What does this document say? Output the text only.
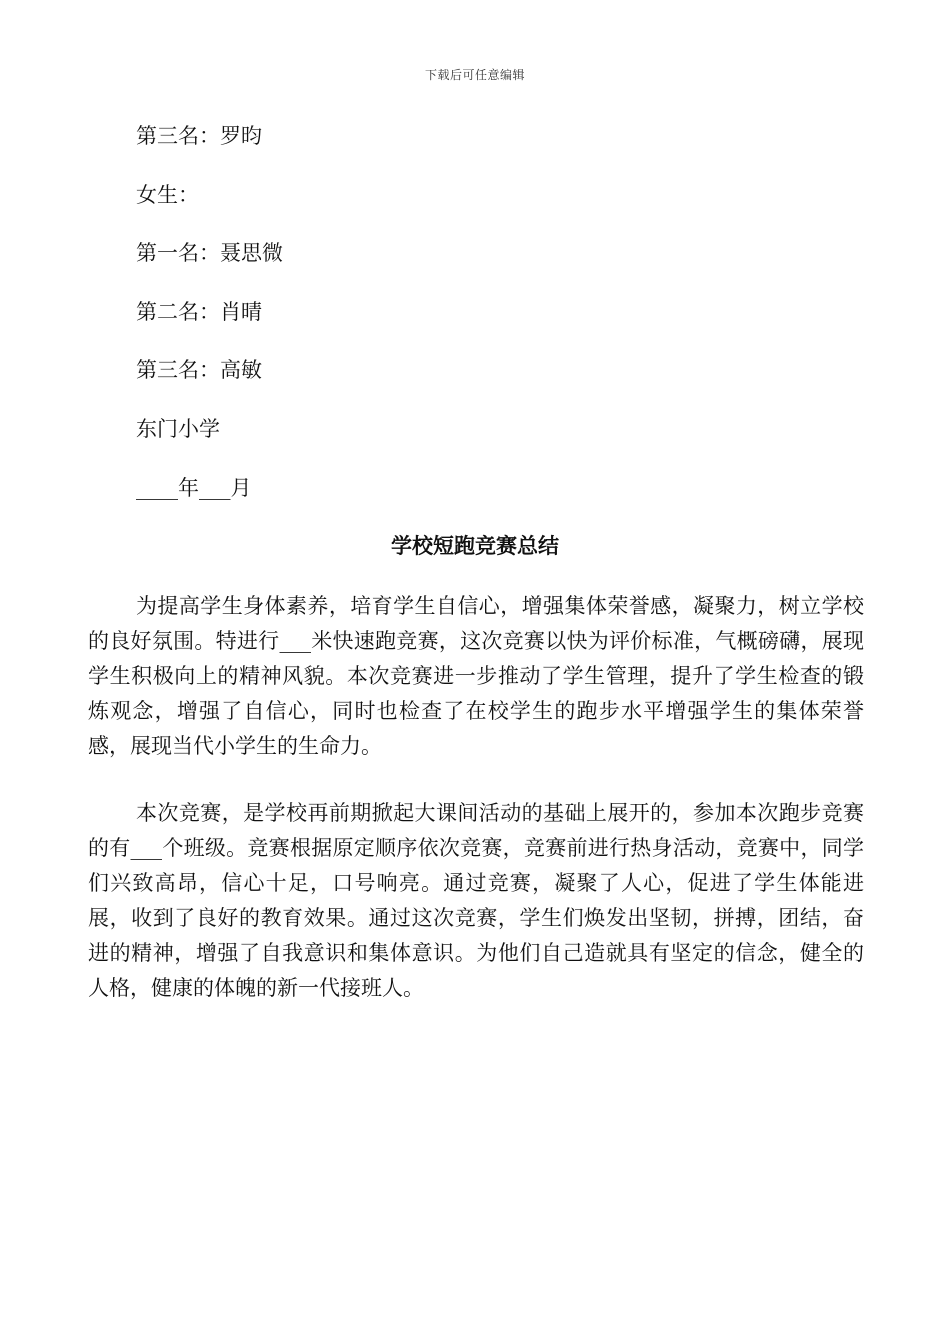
下载后可任意编辑
第三名：罗昀
女生：
第一名：聂思微
第二名：肖晴
第三名：高敏
东门小学
____年___月
学校短跑竞赛总结
为提高学生身体素养，培育学生自信心，增强集体荣誉感，凝聚力，树立学校的良好氛围。特进行___米快速跑竞赛，这次竞赛以快为评价标准，气概磅礴，展现学生积极向上的精神风貌。本次竞赛进一步推动了学生管理，提升了学生检查的锻炼观念，增强了自信心，同时也检查了在校学生的跑步水平增强学生的集体荣誉感，展现当代小学生的生命力。
本次竞赛，是学校再前期掀起大课间活动的基础上展开的，参加本次跑步竞赛的有___个班级。竞赛根据原定顺序依次竞赛，竞赛前进行热身活动，竞赛中，同学们兴致高昂，信心十足，口号响亮。通过竞赛，凝聚了人心，促进了学生体能进展，收到了良好的教育效果。通过这次竞赛，学生们焕发出坚韧，拼搏，团结，奋进的精神，增强了自我意识和集体意识。为他们自己造就具有坚定的信念，健全的人格，健康的体魄的新一代接班人。
